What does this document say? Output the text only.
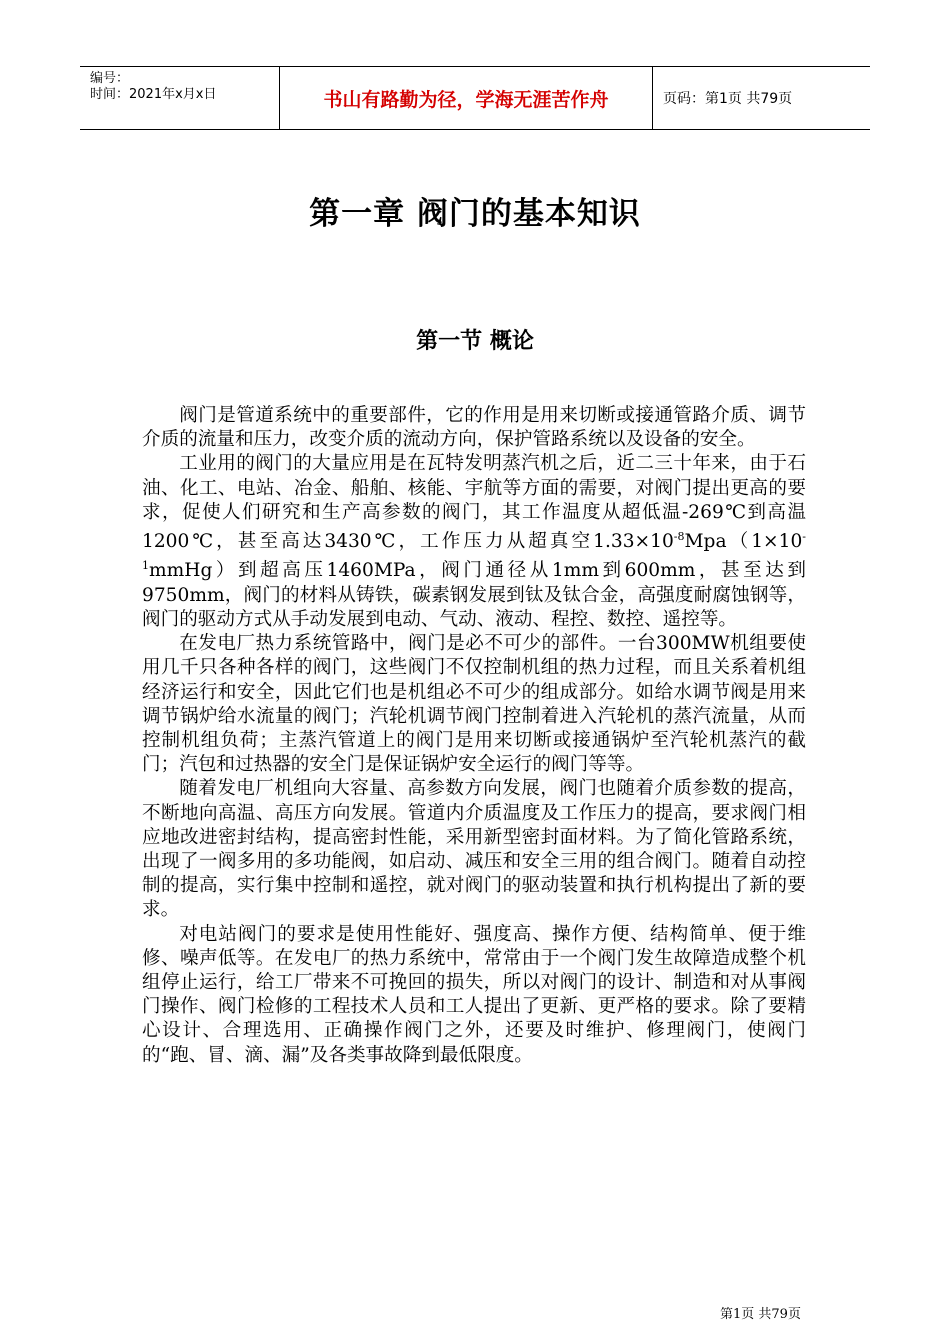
编号：
时间：2021年x月x日	书山有路勤为径，学海无涯苦作舟	页码：第1页 共79页
第一章 阀门的基本知识
第一节 概论

阀门是管道系统中的重要部件，它的作用是用来切断或接通管路介质、调节介质的流量和压力，改变介质的流动方向，保护管路系统以及设备的安全。

工业用的阀门的大量应用是在瓦特发明蒸汽机之后，近二三十年来，由于石油、化工、电站、冶金、船舶、核能、宇航等方面的需要，对阀门提出更高的要求，促使人们研究和生产高参数的阀门，其工作温度从超低温-269℃到高温1200℃，甚至高达3430℃，工作压力从超真空$1.33\times 10^{-8}Mpa(1\times 10^{-1}mmHg)$到超高压1460MPa，阀门通径从1mm到600mm，甚至达到9750mm，阀门的材料从铸铁，碳素钢发展到钛及钛合金，高强度耐腐蚀钢等，阀门的驱动方式从手动发展到电动、气动、液动、程控、数控、遥控等。

在发电厂热力系统管路中，阀门是必不可少的部件。一台300MW机组要使用几千只各种各样的阀门，这些阀门不仅控制机组的热力过程，而且关系着机组经济运行和安全，因此它们也是机组必不可少的组成部分。如给水调节阀是用来调节锅炉给水流量的阀门；汽轮机调节阀门控制着进入汽轮机的蒸汽流量，从而控制机组负荷；主蒸汽管道上的阀门是用来切断或接通锅炉至汽轮机蒸汽的截门；汽包和过热器的安全门是保证锅炉安全运行的阀门等等。

随着发电厂机组向大容量、高参数方向发展，阀门也随着介质参数的提高，不断地向高温、高压方向发展。管道内介质温度及工作压力的提高，要求阀门相应地改进密封结构，提高密封性能，采用新型密封面材料。为了简化管路系统，出现了一阀多用的多功能阀，如启动、减压和安全三用的组合阀门。随着自动控制的提高，实行集中控制和遥控，就对阀门的驱动装置和执行机构提出了新的要求。

对电站阀门的要求是使用性能好、强度高、操作方便、结构简单、便于维修、噪声低等。在发电厂的热力系统中，常常由于一个阀门发生故障造成整个机组停止运行，给工厂带来不可挽回的损失，所以对阀门的设计、制造和对从事阀门操作、阀门检修的工程技术人员和工人提出了更新、更严格的要求。除了要精心设计、合理选用、正确操作阀门之外，还要及时维护、修理阀门，使阀门的“跑、冒、滴、漏”及各类事故降到最低限度。

第1页 共79页
